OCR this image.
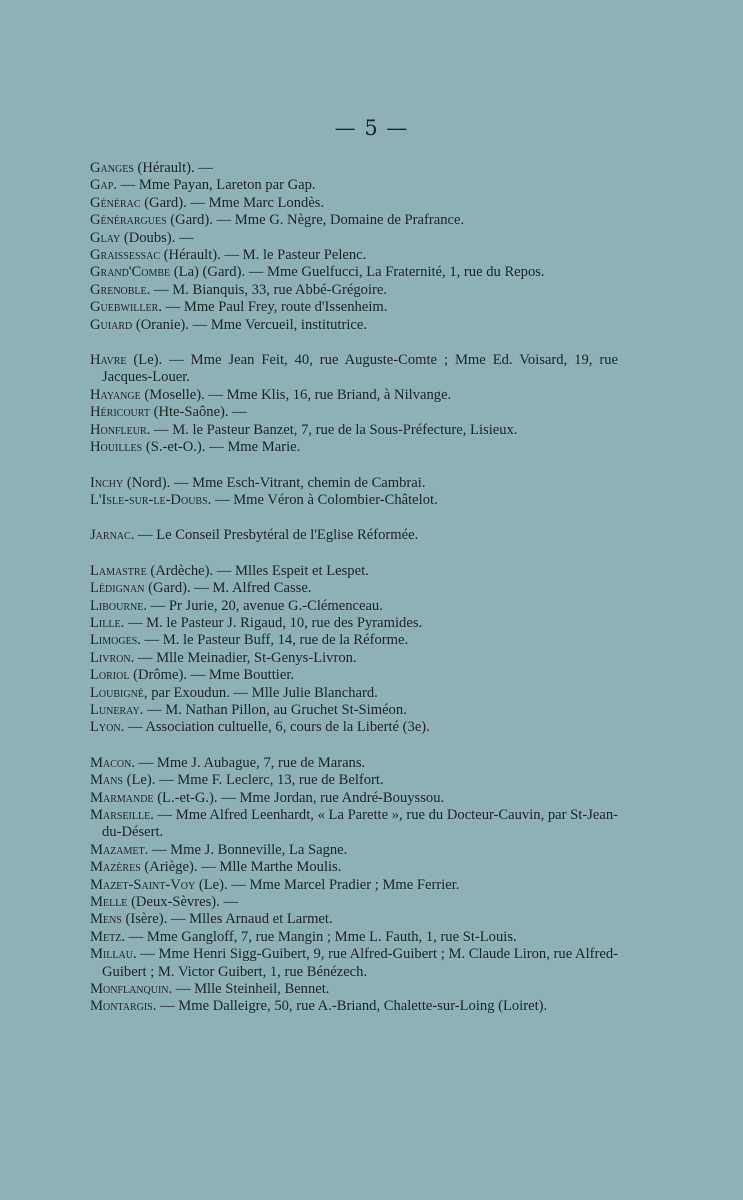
— 5 —

Ganges (Hérault). —

Gap. — Mme Payan, Lareton par Gap.

Générac (Gard). — Mme Marc Londès.

Générargues (Gard). — Mme G. Nègre, Domaine de Prafrance.

Glay (Doubs). —

Graissessac (Hérault). — M. le Pasteur Pelenc.

Grand'Combe (La) (Gard). — Mme Guelfucci, La Fraternité, 1, rue du Repos.

Grenoble. — M. Bianquis, 33, rue Abbé-Grégoire.

Guebwiller. — Mme Paul Frey, route d'Issenheim.

Guiard (Oranie). — Mme Vercueil, institutrice.

Havre (Le). — Mme Jean Feit, 40, rue Auguste-Comte ; Mme Ed. Voisard, 19, rue Jacques-Louer.

Hayange (Moselle). — Mme Klis, 16, rue Briand, à Nilvange.

Héricourt (Hte-Saône). —

Honfleur. — M. le Pasteur Banzet, 7, rue de la Sous-Préfecture, Lisieux.

Houilles (S.-et-O.). — Mme Marie.

Inchy (Nord). — Mme Esch-Vitrant, chemin de Cambrai.

L'Isle-sur-le-Doubs. — Mme Véron à Colombier-Châtelot.

Jarnac. — Le Conseil Presbytéral de l'Eglise Réformée.

Lamastre (Ardèche). — Mlles Espeit et Lespet.

Lédignan (Gard). — M. Alfred Casse.

Libourne. — Pr Jurie, 20, avenue G.-Clémenceau.

Lille. — M. le Pasteur J. Rigaud, 10, rue des Pyramides.

Limoges. — M. le Pasteur Buff, 14, rue de la Réforme.

Livron. — Mlle Meinadier, St-Genys-Livron.

Loriol (Drôme). — Mme Bouttier.

Loubigné, par Exoudun. — Mlle Julie Blanchard.

Luneray. — M. Nathan Pillon, au Gruchet St-Siméon.

Lyon. — Association cultuelle, 6, cours de la Liberté (3e).

Macon. — Mme J. Aubague, 7, rue de Marans.

Mans (Le). — Mme F. Leclerc, 13, rue de Belfort.

Marmande (L.-et-G.). — Mme Jordan, rue André-Bouyssou.

Marseille. — Mme Alfred Leenhardt, « La Parette », rue du Docteur-Cauvin, par St-Jean-du-Désert.

Mazamet. — Mme J. Bonneville, La Sagne.

Mazères (Ariège). — Mlle Marthe Moulis.

Mazet-Saint-Voy (Le). — Mme Marcel Pradier ; Mme Ferrier.

Melle (Deux-Sèvres). —

Mens (Isère). — Mlles Arnaud et Larmet.

Metz. — Mme Gangloff, 7, rue Mangin ; Mme L. Fauth, 1, rue St-Louis.

Millau. — Mme Henri Sigg-Guibert, 9, rue Alfred-Guibert ; M. Claude Liron, rue Alfred-Guibert ; M. Victor Guibert, 1, rue Bénézech.

Monflanquin. — Mlle Steinheil, Bennet.

Montargis. — Mme Dalleigre, 50, rue A.-Briand, Chalette-sur-Loing (Loiret).
